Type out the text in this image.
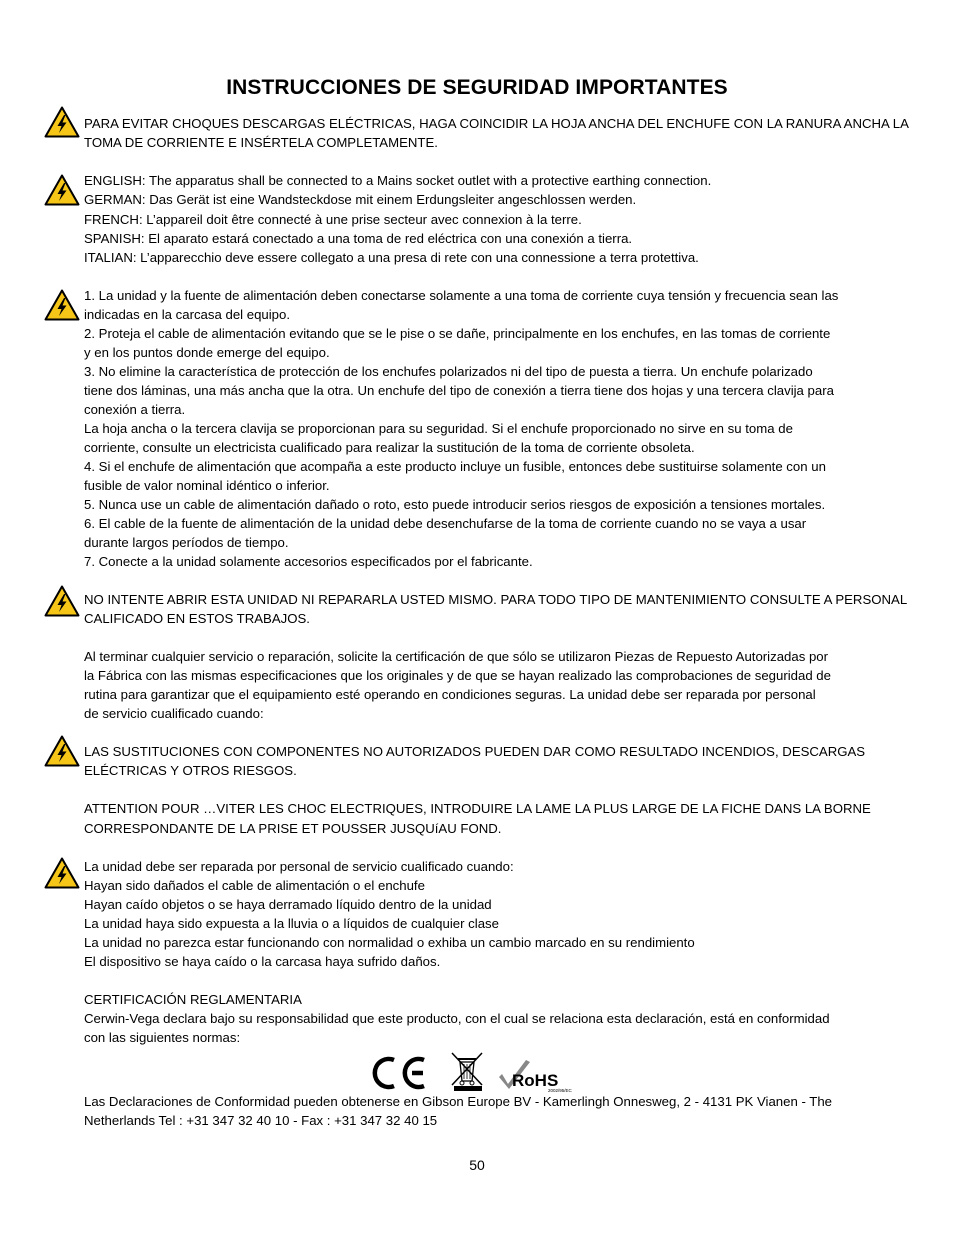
INSTRUCCIONES DE SEGURIDAD IMPORTANTES
PARA EVITAR CHOQUES DESCARGAS ELÉCTRICAS, HAGA COINCIDIR LA HOJA ANCHA DEL ENCHUFE CON LA RANURA ANCHA LA
TOMA DE CORRIENTE E INSÉRTELA COMPLETAMENTE.
ENGLISH: The apparatus shall be connected to a Mains socket outlet with a protective earthing connection.
GERMAN: Das Gerät ist eine Wandsteckdose mit einem Erdungsleiter angeschlossen werden.
FRENCH: L’appareil doit être connecté à une prise secteur avec connexion à la terre.
SPANISH: El aparato estará conectado a una toma de red eléctrica con una conexión a tierra.
ITALIAN: L’apparecchio deve essere collegato a una presa di rete con una connessione a terra protettiva.
1. La unidad y la fuente de alimentación deben conectarse solamente a una toma de corriente cuya tensión y frecuencia sean las
indicadas en la carcasa del equipo.
2. Proteja el cable de alimentación evitando que se le pise o se dañe, principalmente en los enchufes, en las tomas de corriente
y en los puntos donde emerge del equipo.
3. No elimine la característica de protección de los enchufes polarizados ni del tipo de puesta a tierra. Un enchufe polarizado
tiene dos láminas, una más ancha que la otra. Un enchufe del tipo de conexión a tierra tiene dos hojas y una tercera clavija para
conexión a tierra.
La hoja ancha o la tercera clavija se proporcionan para su seguridad. Si el enchufe proporcionado no sirve en su toma de
corriente, consulte un electricista cualificado para realizar la sustitución de la toma de corriente obsoleta.
4. Si el enchufe de alimentación que acompaña a este producto incluye un fusible, entonces debe sustituirse solamente con un
fusible de valor nominal idéntico o inferior.
5. Nunca use un cable de alimentación dañado o roto, esto puede introducir serios riesgos de exposición a tensiones mortales.
6. El cable de la fuente de alimentación de la unidad debe desenchufarse de la toma de corriente cuando no se vaya a usar
durante largos períodos de tiempo.
7. Conecte a la unidad solamente accesorios especificados por el fabricante.
NO INTENTE ABRIR ESTA UNIDAD NI REPARARLA USTED MISMO. PARA TODO TIPO DE MANTENIMIENTO CONSULTE A PERSONAL
CALIFICADO EN ESTOS TRABAJOS.
Al terminar cualquier servicio o reparación, solicite la certificación de que sólo se utilizaron Piezas de Repuesto Autorizadas por
la Fábrica con las mismas especificaciones que los originales y de que se hayan realizado las comprobaciones de seguridad de
rutina para garantizar que el equipamiento esté operando en condiciones seguras. La unidad debe ser reparada por personal
de servicio cualificado cuando:
LAS SUSTITUCIONES CON COMPONENTES NO AUTORIZADOS PUEDEN DAR COMO RESULTADO INCENDIOS, DESCARGAS
ELÉCTRICAS Y OTROS RIESGOS.
ATTENTION POUR …VITER LES CHOC ELECTRIQUES, INTRODUIRE LA LAME LA PLUS LARGE DE LA FICHE DANS LA BORNE
CORRESPONDANTE DE LA PRISE ET POUSSER JUSQUíAU FOND.
La unidad debe ser reparada por personal de servicio cualificado cuando:
Hayan sido dañados el cable de alimentación o el enchufe
Hayan caído objetos o se haya derramado líquido dentro de la unidad
La unidad haya sido expuesta a la lluvia o a líquidos de cualquier clase
La unidad no parezca estar funcionando con normalidad o exhiba un cambio marcado en su rendimiento
El dispositivo se haya caído o la carcasa haya sufrido daños.
CERTIFICACIÓN REGLAMENTARIA
Cerwin-Vega declara bajo su responsabilidad que este producto, con el cual se relaciona esta declaración, está en conformidad
con las siguientes normas:
Las Declaraciones de Conformidad pueden obtenerse en Gibson Europe BV - Kamerlingh Onnesweg, 2 - 4131 PK Vianen - The
Netherlands Tel : +31 347 32 40 10 - Fax : +31 347 32 40 15
RoHS
2002/95/EC
50
